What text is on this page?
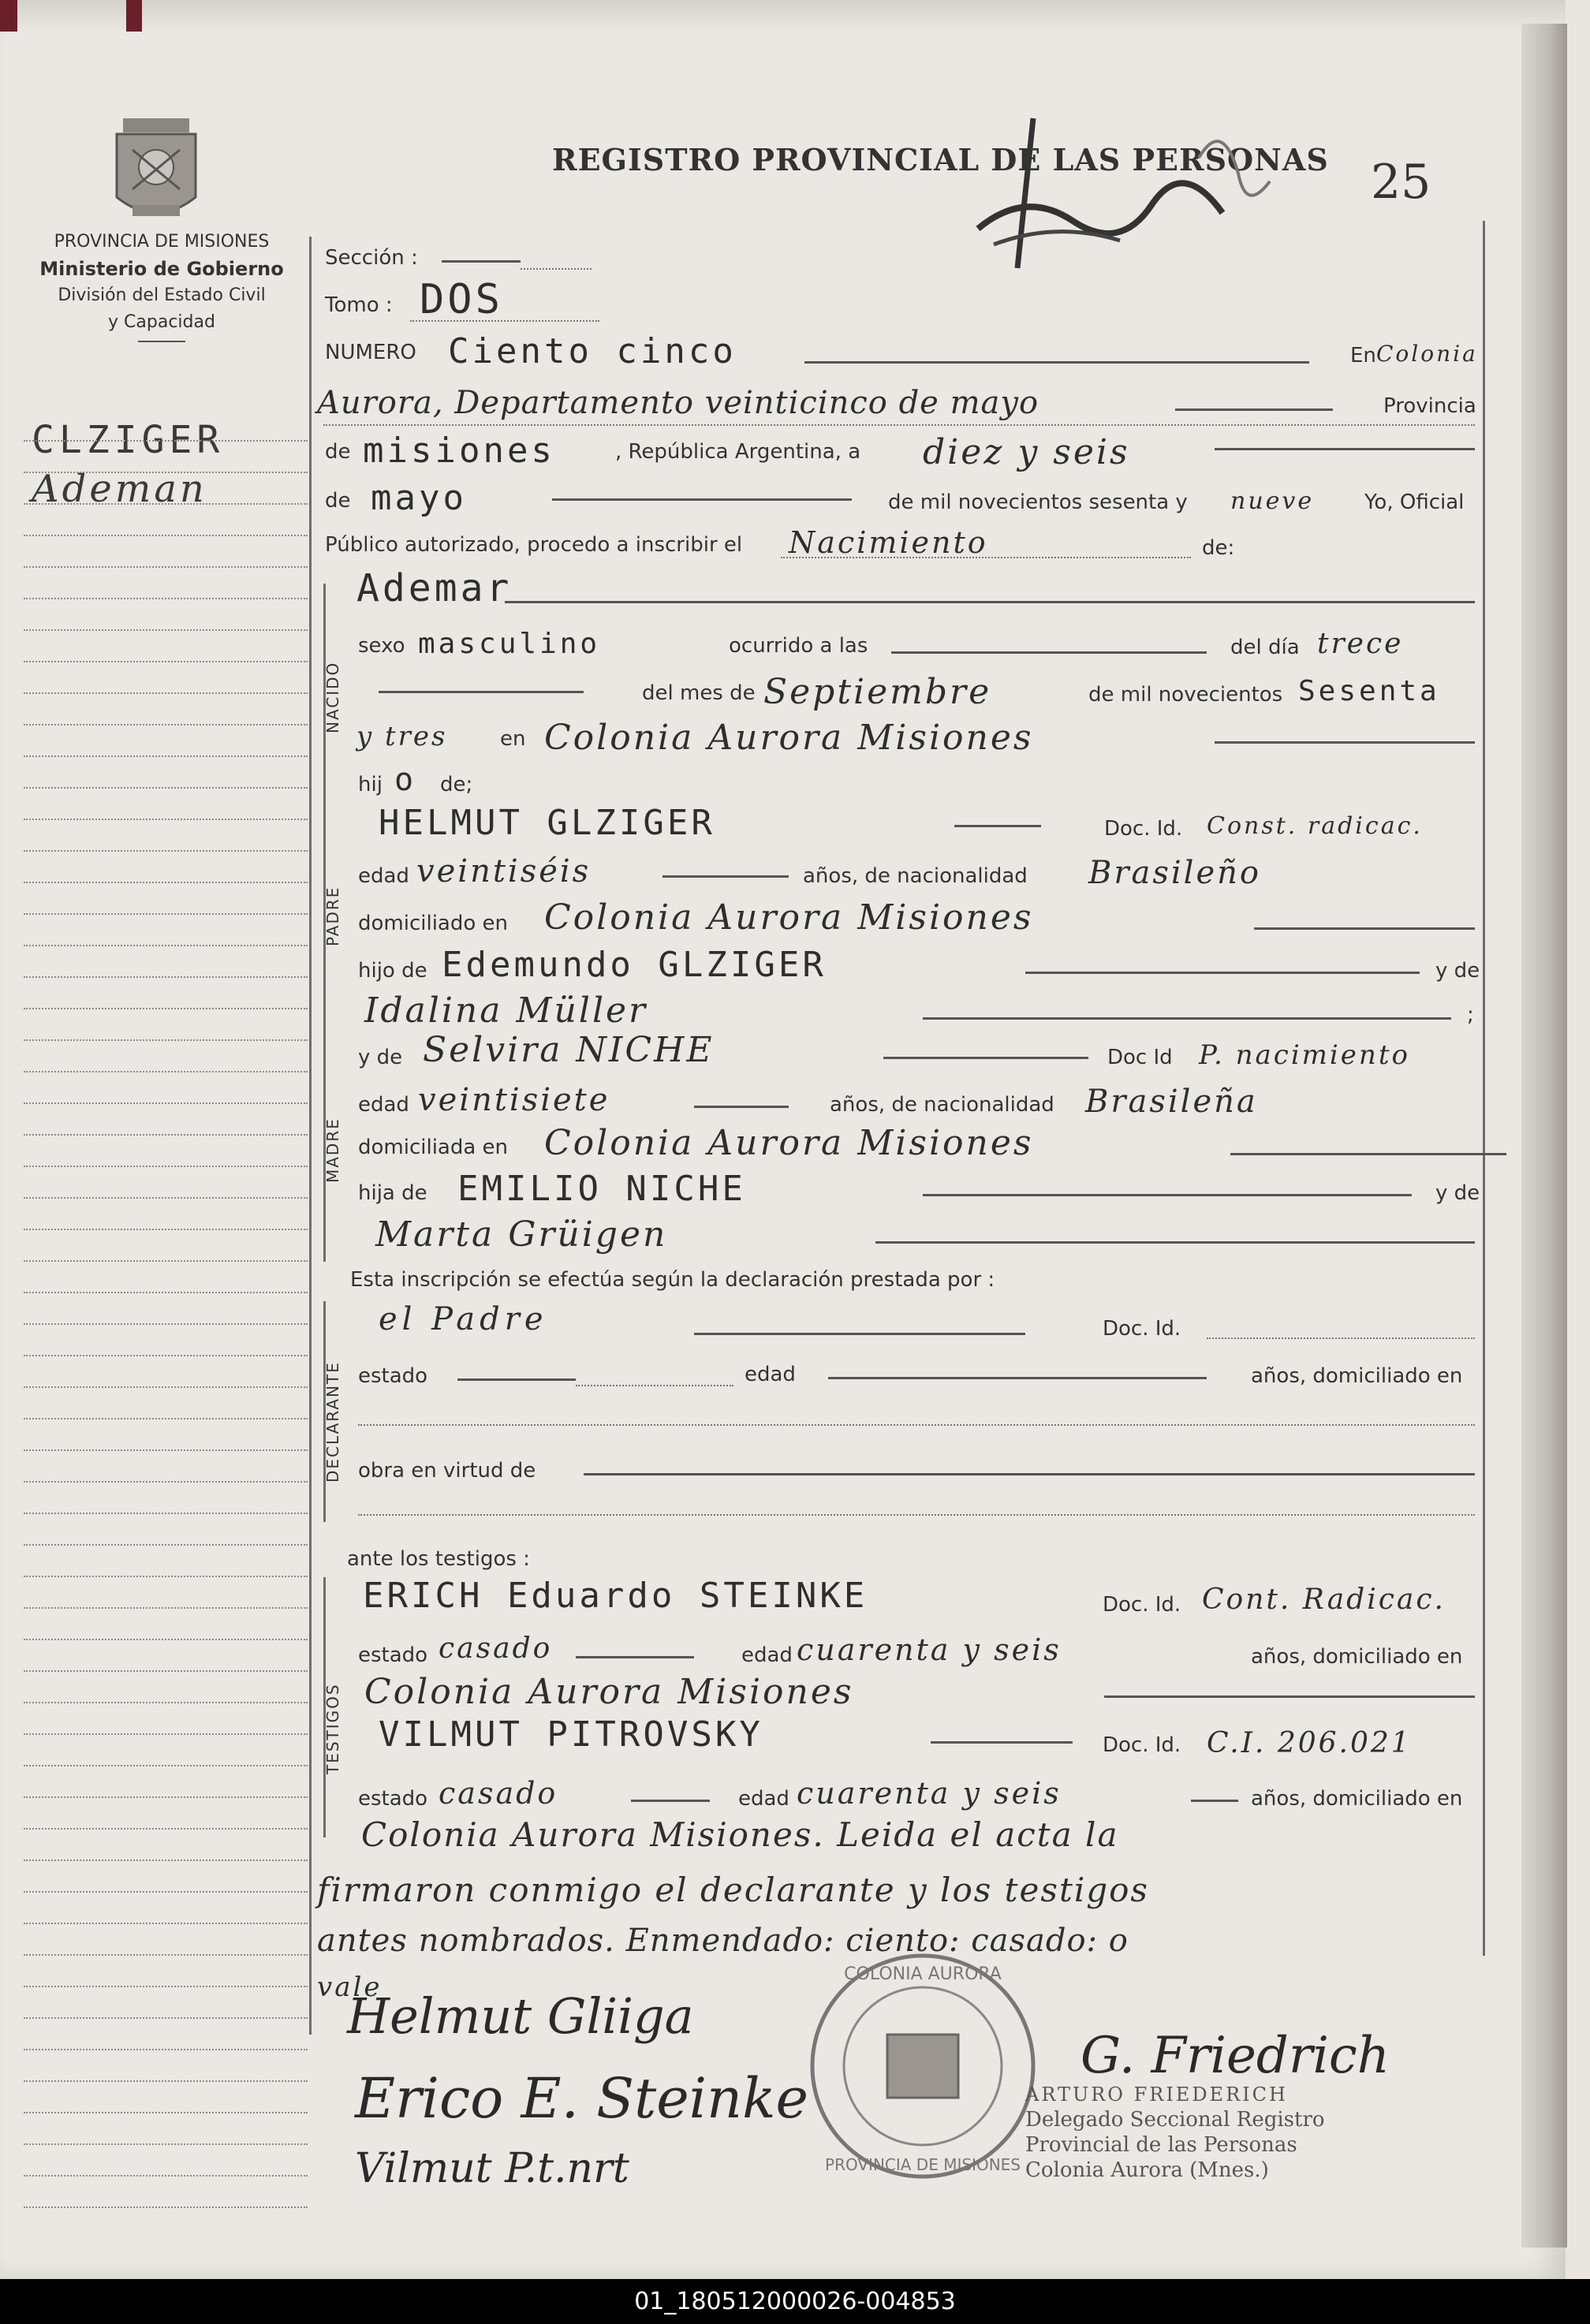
PROVINCIA DE MISIONES
Ministerio de Gobierno
División del Estado Civil
y Capacidad
CLZIGER
Ademan
REGISTRO PROVINCIAL DE LAS PERSONAS 25
Sección :
Tomo : DOS
NUMERO Ciento cinco	En Colonia
Aurora, Departamento veinticinco de mayo	Provincia
de misiones	, República Argentina, a diez y seis
de mayo	de mil novecientos sesenta y nueve Yo, Oficial
Público autorizado, procedo a inscribir el Nacimiento	de:
NACIDO
Ademar
sexo masculino	ocurrido a las	del día trece
del mes de Septiembre	de mil novecientos Sesenta
y tres	en Colonia Aurora Misiones
hij o de;
PADRE
HELMUT GLZIGER	Doc. Id. Const. radicac.
edad veintiséis	años, de nacionalidad Brasileño
domiciliado en Colonia Aurora Misiones
hijo de Edemundo GLZIGER	y de
Idalina Müller	;
MADRE
y de Selvira NICHE	Doc Id P. nacimiento
edad veintisiete	años, de nacionalidad Brasileña
domiciliada en Colonia Aurora Misiones
hija de EMILIO NICHE	y de
Marta Grüigen
Esta inscripción se efectúa según la declaración prestada por :
DECLARANTE
el Padre	Doc. Id.
estado	edad	años, domiciliado en
obra en virtud de
ante los testigos :
TESTIGOS
ERICH Eduardo STEINKE	Doc. Id. Cont. Radicac.
estado casado	edad cuarenta y seis	años, domiciliado en
Colonia Aurora Misiones
VILMUT PITROVSKY	Doc. Id. C.I. 206.021
estado casado	edad cuarenta y seis	años, domiciliado en
Colonia Aurora Misiones. Leida el acta la
firmaron conmigo el declarante y los testigos
antes nombrados. Enmendado: ciento: casado: o
vale
Helmut Gliiga
Erico E. Steinke
Vilmut P.t.nrt
G. Friedrich
COLONIA AURORA
PROVINCIA DE MISIONES
ARTURO FRIEDERICH
Delegado Seccional Registro
Provincial de las Personas
Colonia Aurora (Mnes.)
01_180512000026-004853
